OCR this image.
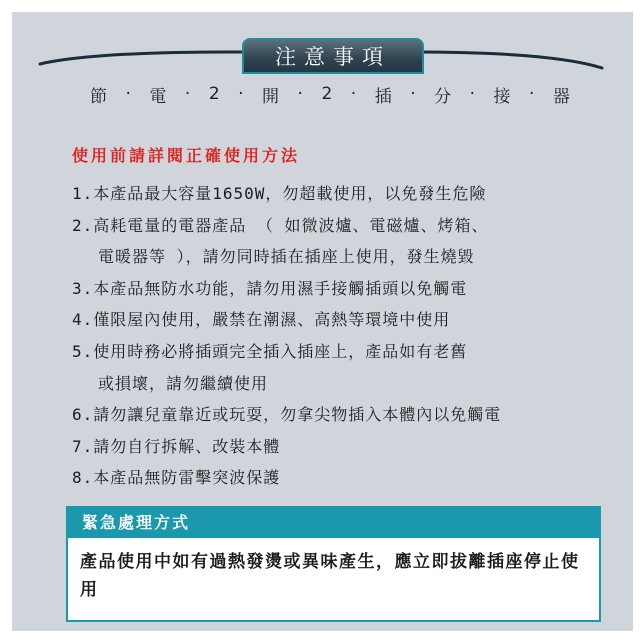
注意事項
節 · 電 · 2 · 開 · 2 · 插 · 分 · 接 · 器
使用前請詳閱正確使用方法
1.本產品最大容量1650W，勿超載使用，以免發生危險
2.高耗電量的電器產品 （ 如微波爐、電磁爐、烤箱、
電暖器等 ），請勿同時插在插座上使用，發生燒毀
3.本產品無防水功能，請勿用濕手接觸插頭以免觸電
4.僅限屋內使用，嚴禁在潮濕、高熱等環境中使用
5.使用時務必將插頭完全插入插座上，產品如有老舊
或損壞，請勿繼續使用
6.請勿讓兒童靠近或玩耍，勿拿尖物插入本體內以免觸電
7.請勿自行拆解、改裝本體
8.本產品無防雷擊突波保護
緊急處理方式
產品使用中如有過熱發燙或異味產生，應立即拔離插座停止使用
